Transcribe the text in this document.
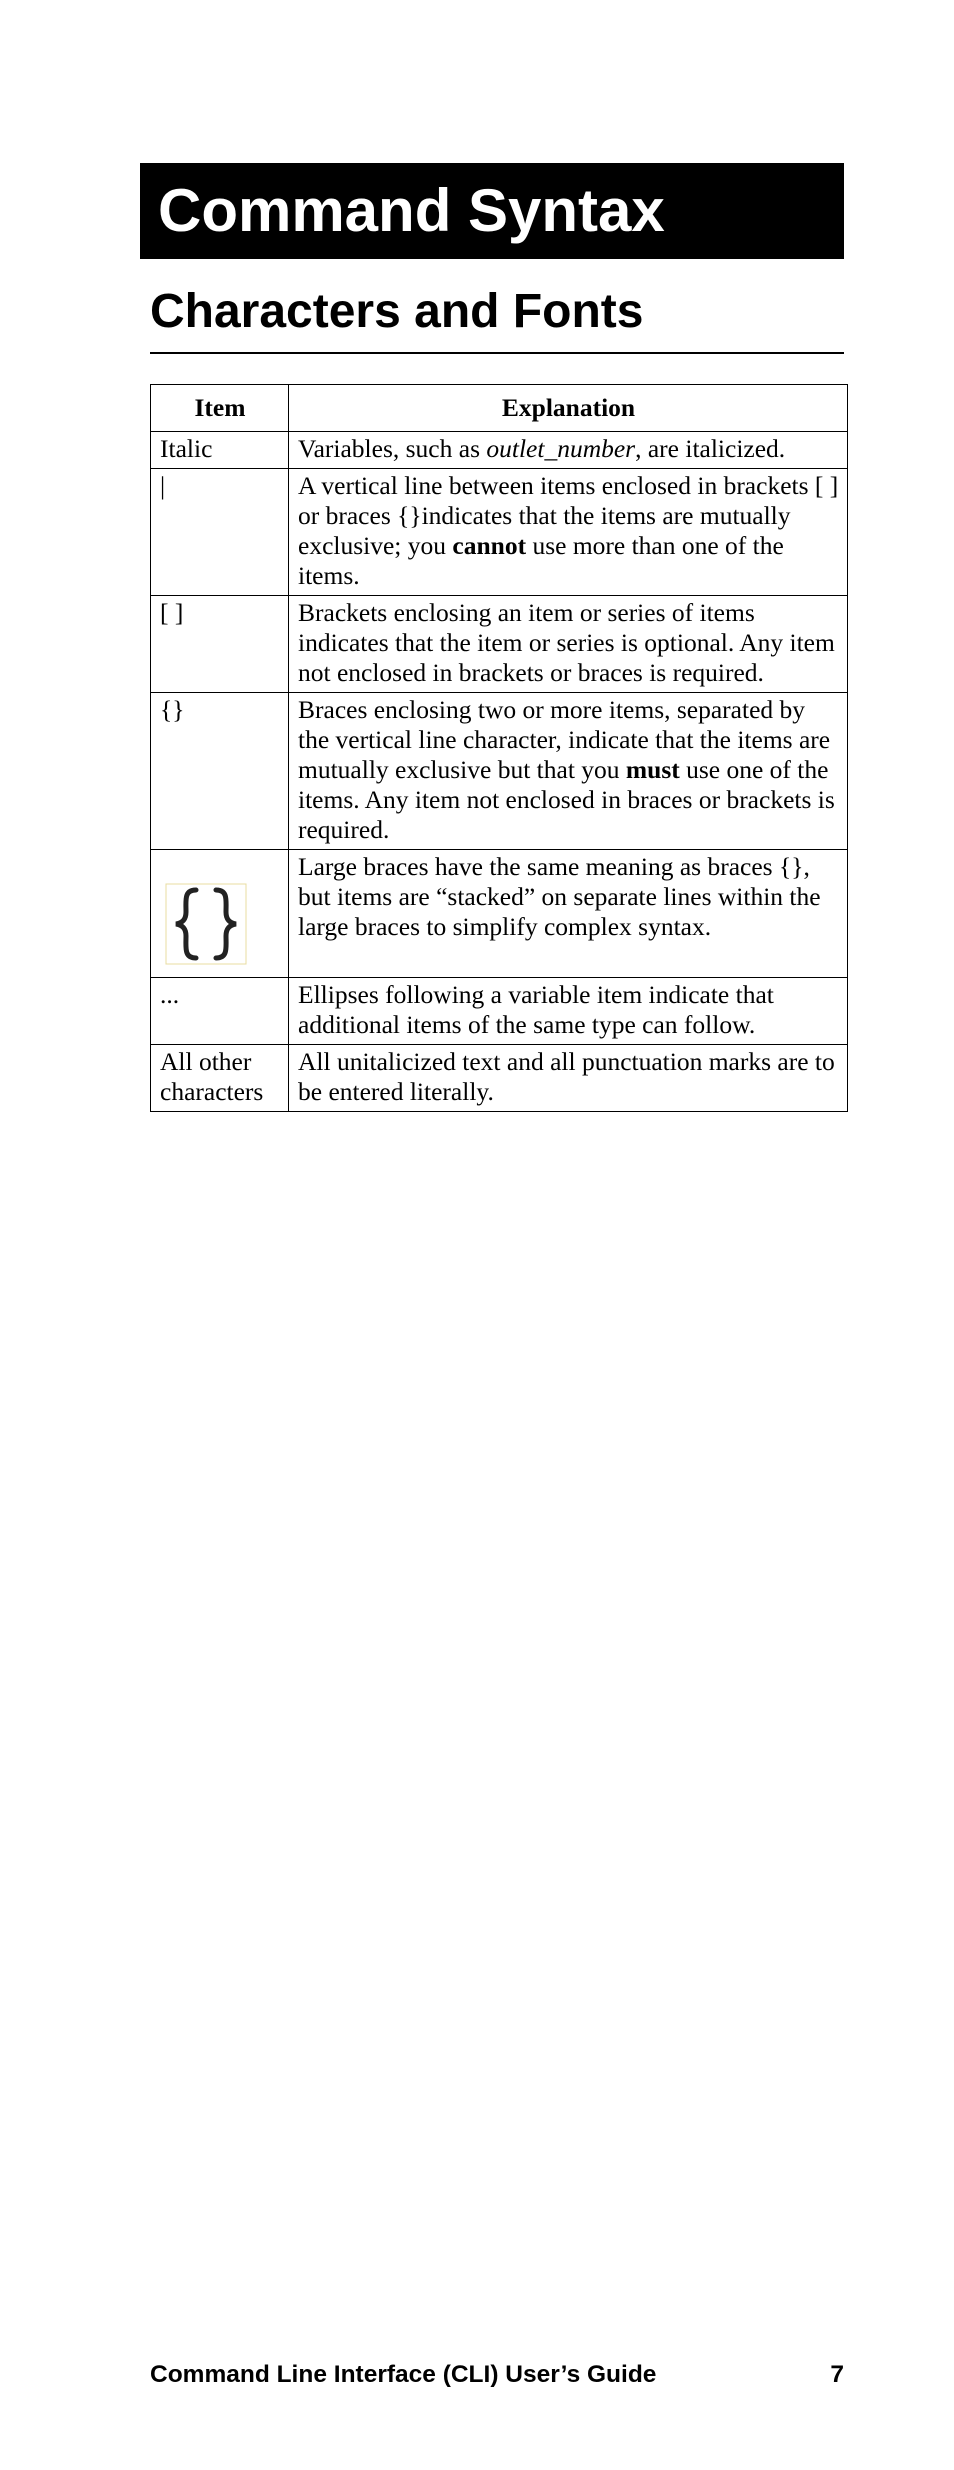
Command Syntax
Characters and Fonts
Item	Explanation
Italic	Variables, such as outlet_number, are italicized.
|	A vertical line between items enclosed in brackets [ ] or braces {}indicates that the items are mutually exclusive; you cannot use more than one of the items.
[ ]	Brackets enclosing an item or series of items indicates that the item or series is optional. Any item not enclosed in brackets or braces is required.
{}	Braces enclosing two or more items, separated by the vertical line character, indicate that the items are mutually exclusive but that you must use one of the items. Any item not enclosed in braces or brackets is required.
	Large braces have the same meaning as braces {}, but items are “stacked” on separate lines within the large braces to simplify complex syntax.
...	Ellipses following a variable item indicate that additional items of the same type can follow.
All other characters	All unitalicized text and all punctuation marks are to be entered literally.
Command Line Interface (CLI) User’s Guide	7
